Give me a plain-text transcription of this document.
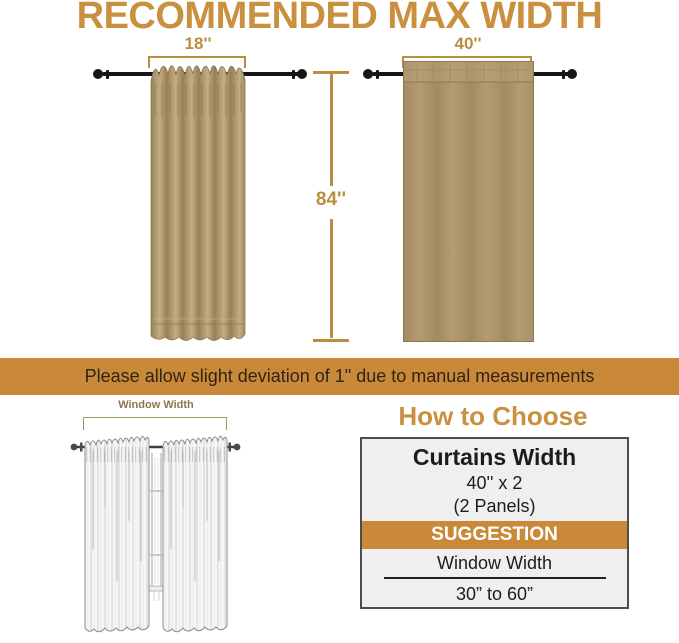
RECOMMENDED MAX WIDTH
18''
84''
40''
Please allow slight deviation of 1" due to manual measurements
Window Width	How to Choose
Curtains Width
40'' x 2
(2 Panels)
SUGGESTION
Window Width
30” to 60”
